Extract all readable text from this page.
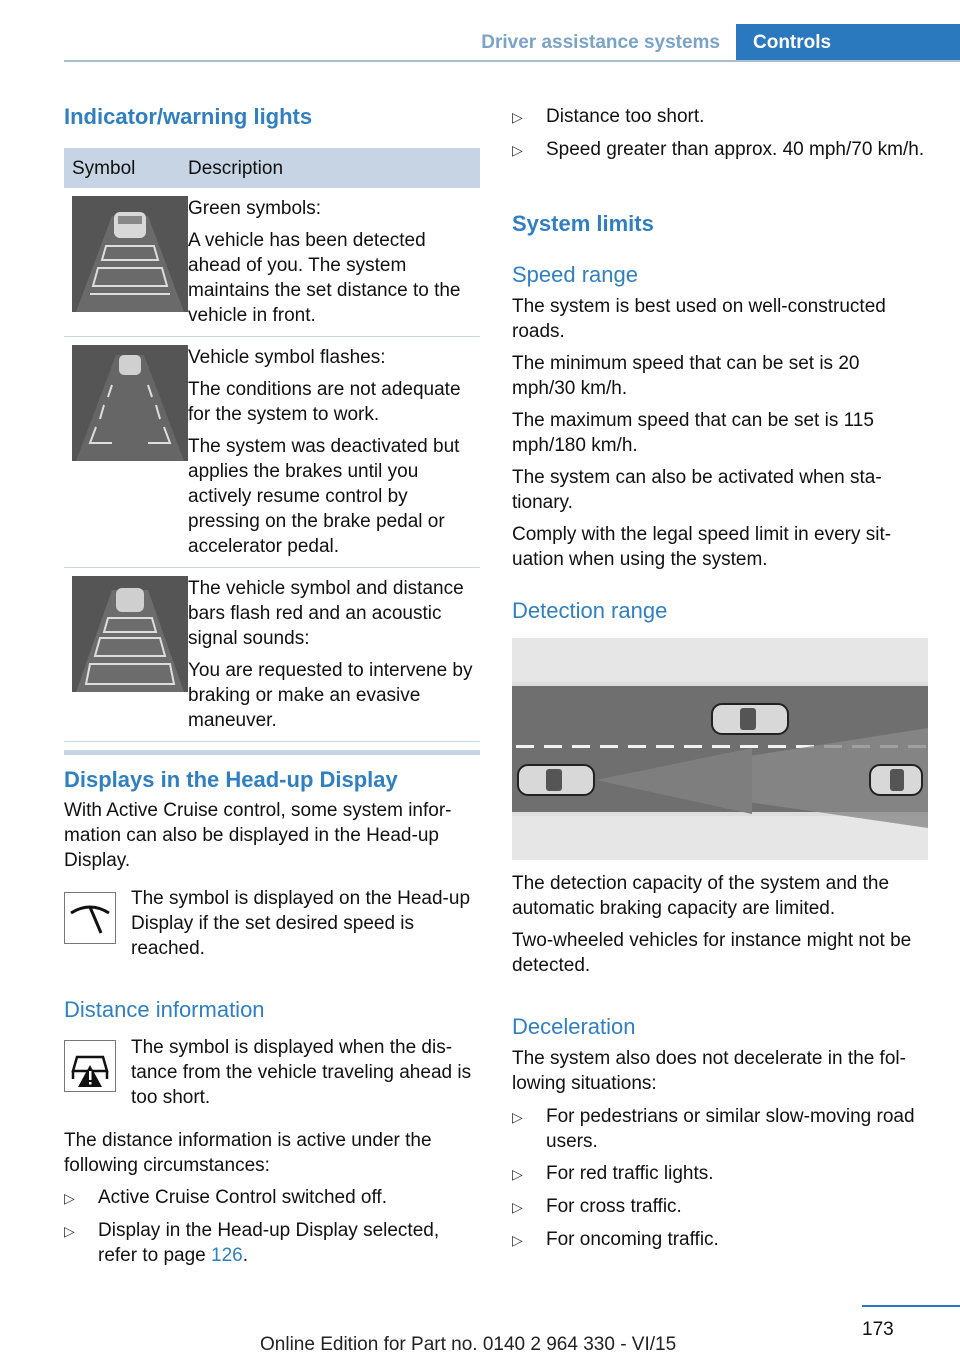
Driver assistance systems	Controls
Indicator/warning lights
Symbol	Description

Green symbols:

A vehicle has been detected ahead of you. The system maintains the set distance to the vehicle in front.

Vehicle symbol flashes:

The conditions are not adequate for the system to work.

The system was deactivated but applies the brakes until you actively resume control by pressing on the brake pedal or accelerator pedal.

The vehicle symbol and distance bars flash red and an acoustic signal sounds:

You are requested to intervene by braking or make an evasive maneuver.

Displays in the Head-up Display

With Active Cruise control, some system information can also be displayed in the Head-up Display.

The symbol is displayed on the Head-up Display if the set desired speed is reached.

Distance information

The symbol is displayed when the distance from the vehicle traveling ahead is too short.

The distance information is active under the following circumstances:

▷	Active Cruise Control switched off.
▷	Display in the Head-up Display selected, refer to page 126.
▷	Distance too short.
▷	Speed greater than approx. 40 mph/70 km/h.
System limits
Speed range

The system is best used on well-constructed roads.

The minimum speed that can be set is 20 mph/30 km/h.

The maximum speed that can be set is 115 mph/180 km/h.

The system can also be activated when stationary.

Comply with the legal speed limit in every situation when using the system.

Detection range

The detection capacity of the system and the automatic braking capacity are limited.

Two-wheeled vehicles for instance might not be detected.

Deceleration

The system also does not decelerate in the following situations:

▷	For pedestrians or similar slow-moving road users.
▷	For red traffic lights.
▷	For cross traffic.
▷	For oncoming traffic.
173
Online Edition for Part no. 0140 2 964 330 - VI/15
